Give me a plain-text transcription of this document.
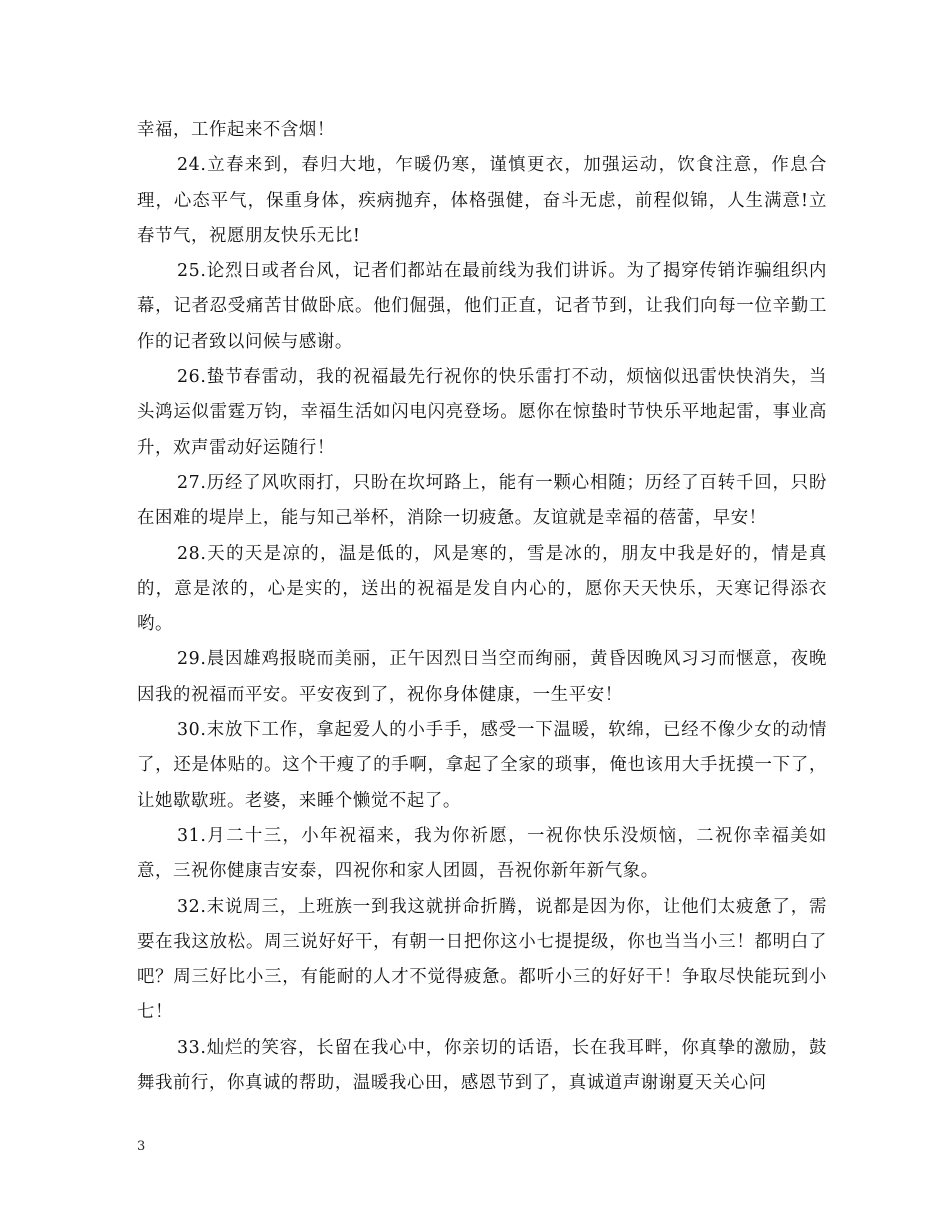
幸福，工作起来不含烟！

24.立春来到，春归大地，乍暖仍寒，谨慎更衣，加强运动，饮食注意，作息合理，心态平气，保重身体，疾病抛弃，体格强健，奋斗无虑，前程似锦，人生满意!立春节气，祝愿朋友快乐无比!

25.论烈日或者台风，记者们都站在最前线为我们讲诉。为了揭穿传销诈骗组织内幕，记者忍受痛苦甘做卧底。他们倔强，他们正直，记者节到，让我们向每一位辛勤工作的记者致以问候与感谢。

26.蛰节春雷动，我的祝福最先行祝你的快乐雷打不动，烦恼似迅雷快快消失，当头鸿运似雷霆万钧，幸福生活如闪电闪亮登场。愿你在惊蛰时节快乐平地起雷，事业高升，欢声雷动好运随行！

27.历经了风吹雨打，只盼在坎坷路上，能有一颗心相随；历经了百转千回，只盼在困难的堤岸上，能与知己举杯，消除一切疲惫。友谊就是幸福的蓓蕾，早安！

28.天的天是凉的，温是低的，风是寒的，雪是冰的，朋友中我是好的，情是真的，意是浓的，心是实的，送出的祝福是发自内心的，愿你天天快乐，天寒记得添衣哟。

29.晨因雄鸡报晓而美丽，正午因烈日当空而绚丽，黄昏因晚风习习而惬意，夜晚因我的祝福而平安。平安夜到了，祝你身体健康，一生平安！

30.末放下工作，拿起爱人的小手手，感受一下温暖，软绵，已经不像少女的动情了，还是体贴的。这个干瘦了的手啊，拿起了全家的琐事，俺也该用大手抚摸一下了，让她歇歇班。老婆，来睡个懒觉不起了。

31.月二十三，小年祝福来，我为你祈愿，一祝你快乐没烦恼，二祝你幸福美如意，三祝你健康吉安泰，四祝你和家人团圆，吾祝你新年新气象。

32.末说周三，上班族一到我这就拼命折腾，说都是因为你，让他们太疲惫了，需要在我这放松。周三说好好干，有朝一日把你这小七提提级，你也当当小三！都明白了吧？周三好比小三，有能耐的人才不觉得疲惫。都听小三的好好干！争取尽快能玩到小七！

33.灿烂的笑容，长留在我心中，你亲切的话语，长在我耳畔，你真挚的激励，鼓舞我前行，你真诚的帮助，温暖我心田，感恩节到了，真诚道声谢谢夏天关心问

3
